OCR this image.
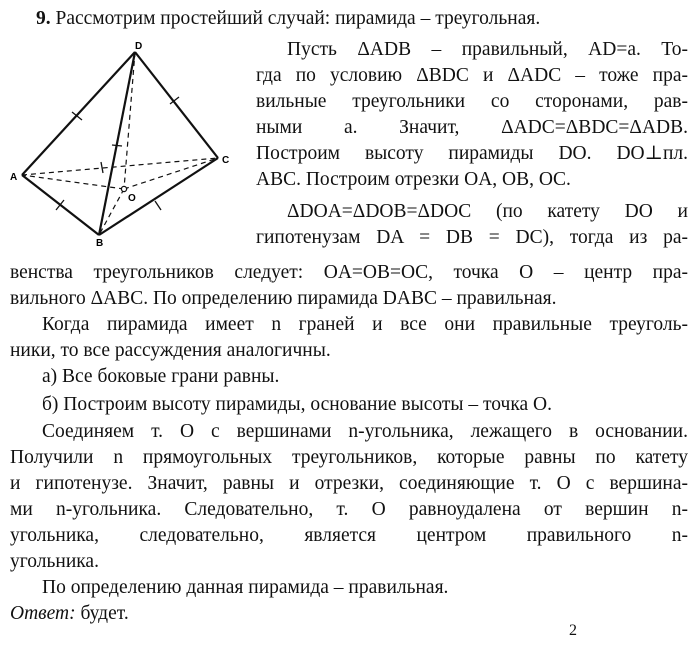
9. Рассмотрим простейший случай: пирамида – треугольная.
D
A
B
C
O
Пусть ΔADB – правильный, AD=a. То-
гда по условию ΔBDC и ΔADC – тоже пра-
вильные треугольники со сторонами, рав-
ными a. Значит, ΔADC=ΔBDC=ΔADB.
Построим высоту пирамиды DO. DO⊥пл.
ABC. Построим отрезки OA, OB, OC.
ΔDOA=ΔDOB=ΔDOC (по катету DO и
гипотенузам DA = DB = DC), тогда из ра-
венства треугольников следует: OA=OB=OC, точка O – центр пра-
вильного ΔABC. По определению пирамида DABC – правильная.
Когда пирамида имеет n граней и все они правильные треуголь-
ники, то все рассуждения аналогичны.
а) Все боковые грани равны.
б) Построим высоту пирамиды, основание высоты – точка O.
Соединяем т. O с вершинами n-угольника, лежащего в основании.
Получили n прямоугольных треугольников, которые равны по катету
и гипотенузе. Значит, равны и отрезки, соединяющие т. O с вершина-
ми n-угольника. Следовательно, т. O равноудалена от вершин n-
угольника, следовательно, является центром правильного n-
угольника.
По определению данная пирамида – правильная.
Ответ: будет.
2
